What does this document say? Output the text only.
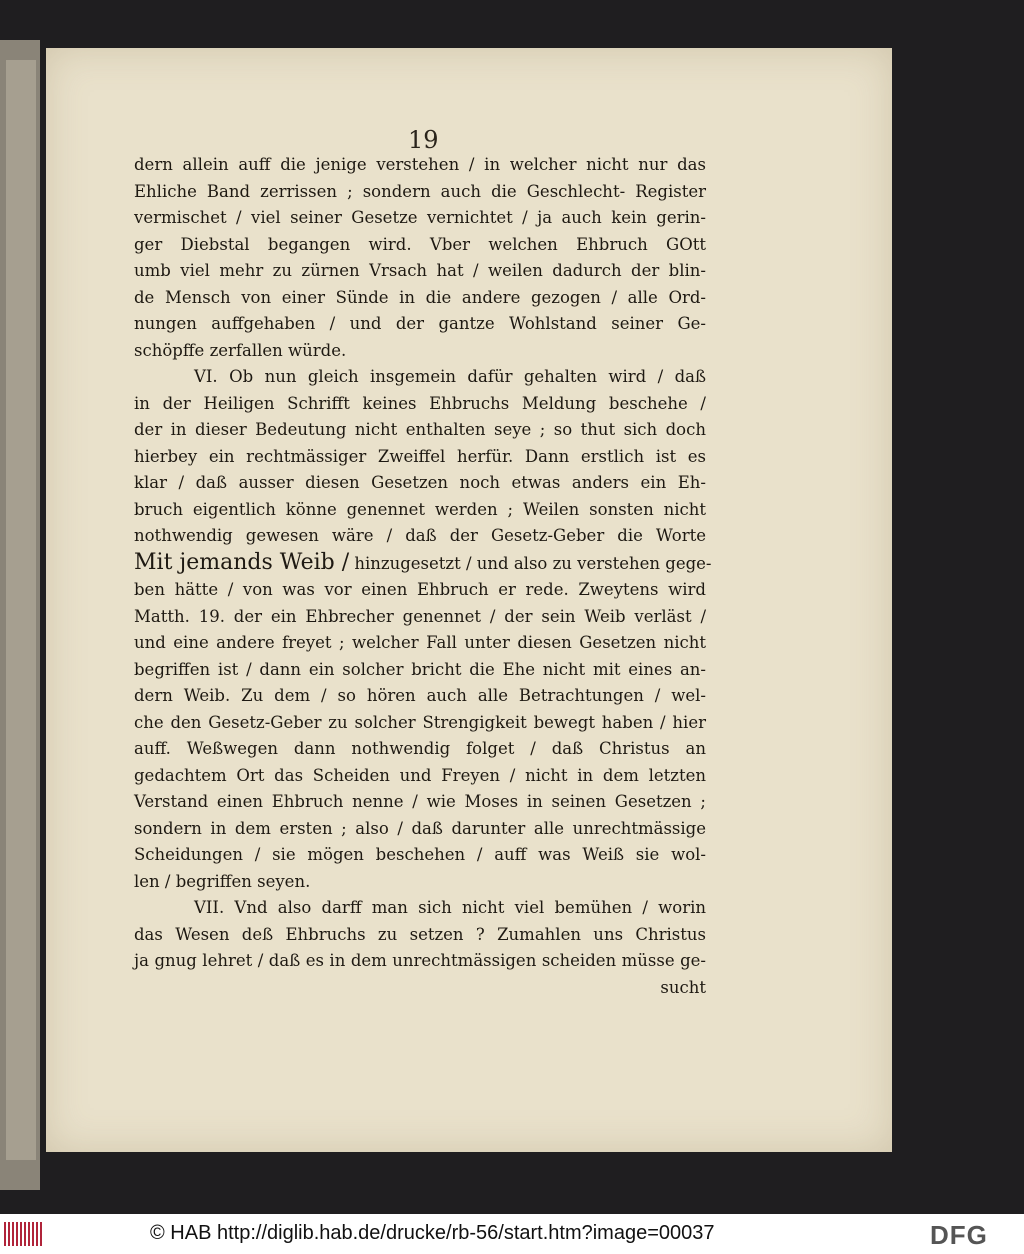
19
dern allein auff die jenige verstehen / in welcher nicht nur das
Ehliche Band zerrissen ; sondern auch die Geschlecht- Register
vermischet / viel seiner Gesetze vernichtet / ja auch kein gerin-
ger Diebstal begangen wird. Vber welchen Ehbruch GOtt
umb viel mehr zu zürnen Vrsach hat / weilen dadurch der blin-
de Mensch von einer Sünde in die andere gezogen / alle Ord-
nungen auffgehaben / und der gantze Wohlstand seiner Ge-
schöpffe zerfallen würde.
VI. Ob nun gleich insgemein dafür gehalten wird / daß
in der Heiligen Schrifft keines Ehbruchs Meldung beschehe /
der in dieser Bedeutung nicht enthalten seye ; so thut sich doch
hierbey ein rechtmässiger Zweiffel herfür. Dann erstlich ist es
klar / daß ausser diesen Gesetzen noch etwas anders ein Eh-
bruch eigentlich könne genennet werden ; Weilen sonsten nicht
nothwendig gewesen wäre / daß der Gesetz-Geber die Worte
Mit jemands Weib / hinzugesetzt / und also zu verstehen gege-
ben hätte / von was vor einen Ehbruch er rede. Zweytens wird
Matth. 19. der ein Ehbrecher genennet / der sein Weib verläst /
und eine andere freyet ; welcher Fall unter diesen Gesetzen nicht
begriffen ist / dann ein solcher bricht die Ehe nicht mit eines an-
dern Weib. Zu dem / so hören auch alle Betrachtungen / wel-
che den Gesetz-Geber zu solcher Strengigkeit bewegt haben / hier
auff. Weßwegen dann nothwendig folget / daß Christus an
gedachtem Ort das Scheiden und Freyen / nicht in dem letzten
Verstand einen Ehbruch nenne / wie Moses in seinen Gesetzen ;
sondern in dem ersten ; also / daß darunter alle unrechtmässige
Scheidungen / sie mögen beschehen / auff was Weiß sie wol-
len / begriffen seyen.
VII. Vnd also darff man sich nicht viel bemühen / worin
das Wesen deß Ehbruchs zu setzen ? Zumahlen uns Christus
ja gnug lehret / daß es in dem unrechtmässigen scheiden müsse ge-
sucht
© HAB http://diglib.hab.de/drucke/rb-56/start.htm?image=00037	DFG
